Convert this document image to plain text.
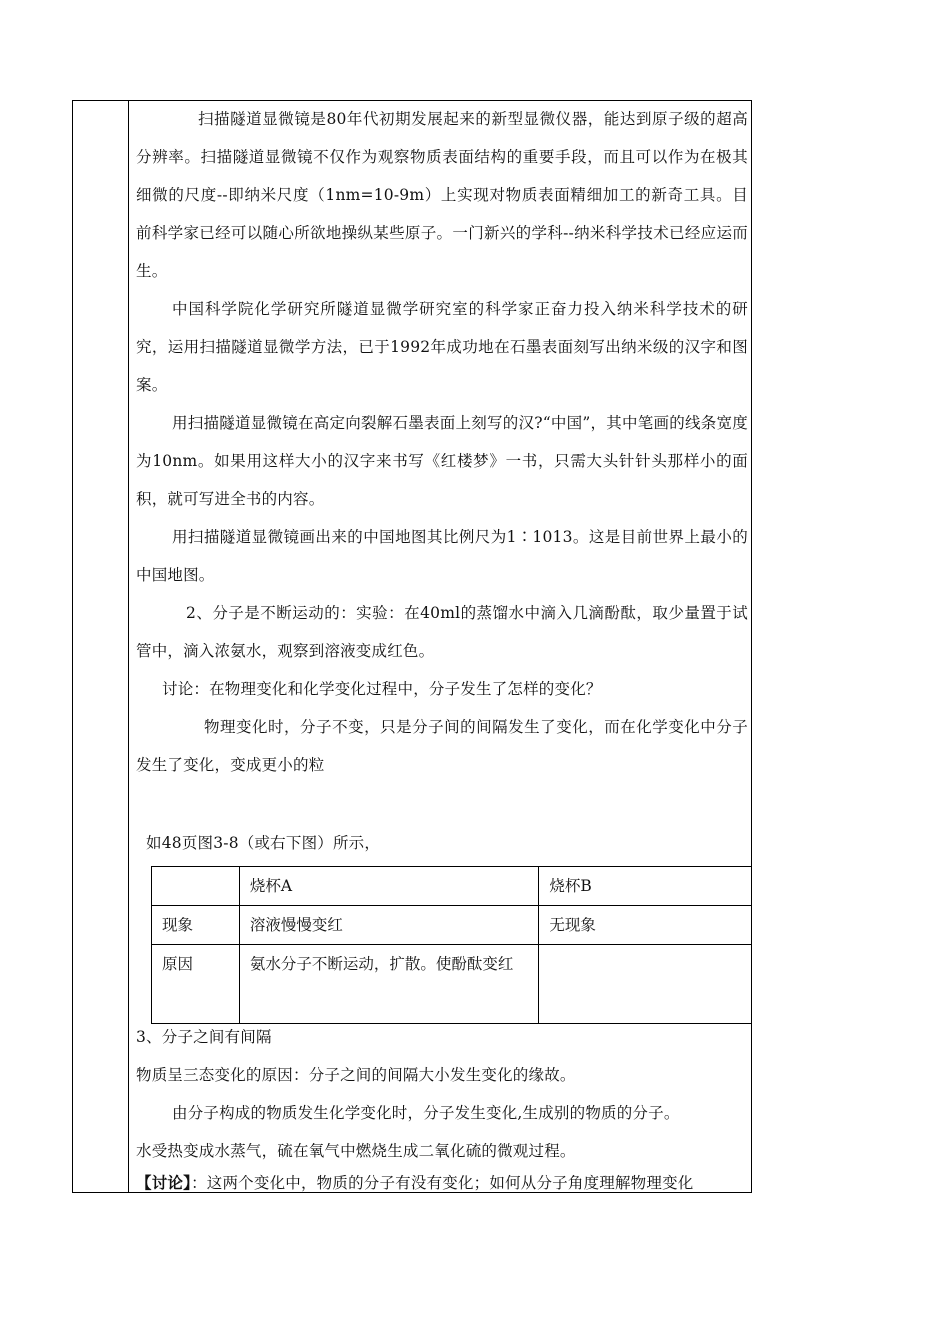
扫描隧道显微镜是80年代初期发展起来的新型显微仪器，能达到原子级的超高分辨率。扫描隧道显微镜不仅作为观察物质表面结构的重要手段，而且可以作为在极其细微的尺度--即纳米尺度（1nm=10-9m）上实现对物质表面精细加工的新奇工具。目前科学家已经可以随心所欲地操纵某些原子。一门新兴的学科--纳米科学技术已经应运而生。

中国科学院化学研究所隧道显微学研究室的科学家正奋力投入纳米科学技术的研究，运用扫描隧道显微学方法，已于1992年成功地在石墨表面刻写出纳米级的汉字和图案。

用扫描隧道显微镜在高定向裂解石墨表面上刻写的汉?“中国”，其中笔画的线条宽度为10nm。如果用这样大小的汉字来书写《红楼梦》一书，只需大头针针头那样小的面积，就可写进全书的内容。

用扫描隧道显微镜画出来的中国地图其比例尺为1∶1013。这是目前世界上最小的中国地图。

2、分子是不断运动的：实验：在40ml的蒸馏水中滴入几滴酚酞，取少量置于试管中，滴入浓氨水，观察到溶液变成红色。

讨论：在物理变化和化学变化过程中，分子发生了怎样的变化？

物理变化时，分子不变，只是分子间的间隔发生了变化，而在化学变化中分子发生了变化，变成更小的粒

如48页图3-8（或右下图）所示，
	烧杯A	烧杯B
现象	溶液慢慢变红	无现象
原因	氨水分子不断运动，扩散。使酚酞变红	
3、分子之间有间隔
物质呈三态变化的原因：分子之间的间隔大小发生变化的缘故。
由分子构成的物质发生化学变化时，分子发生变化,生成别的物质的分子。
水受热变成水蒸气，硫在氧气中燃烧生成二氧化硫的微观过程。
【讨论】：这两个变化中，物质的分子有没有变化；如何从分子角度理解物理变化
